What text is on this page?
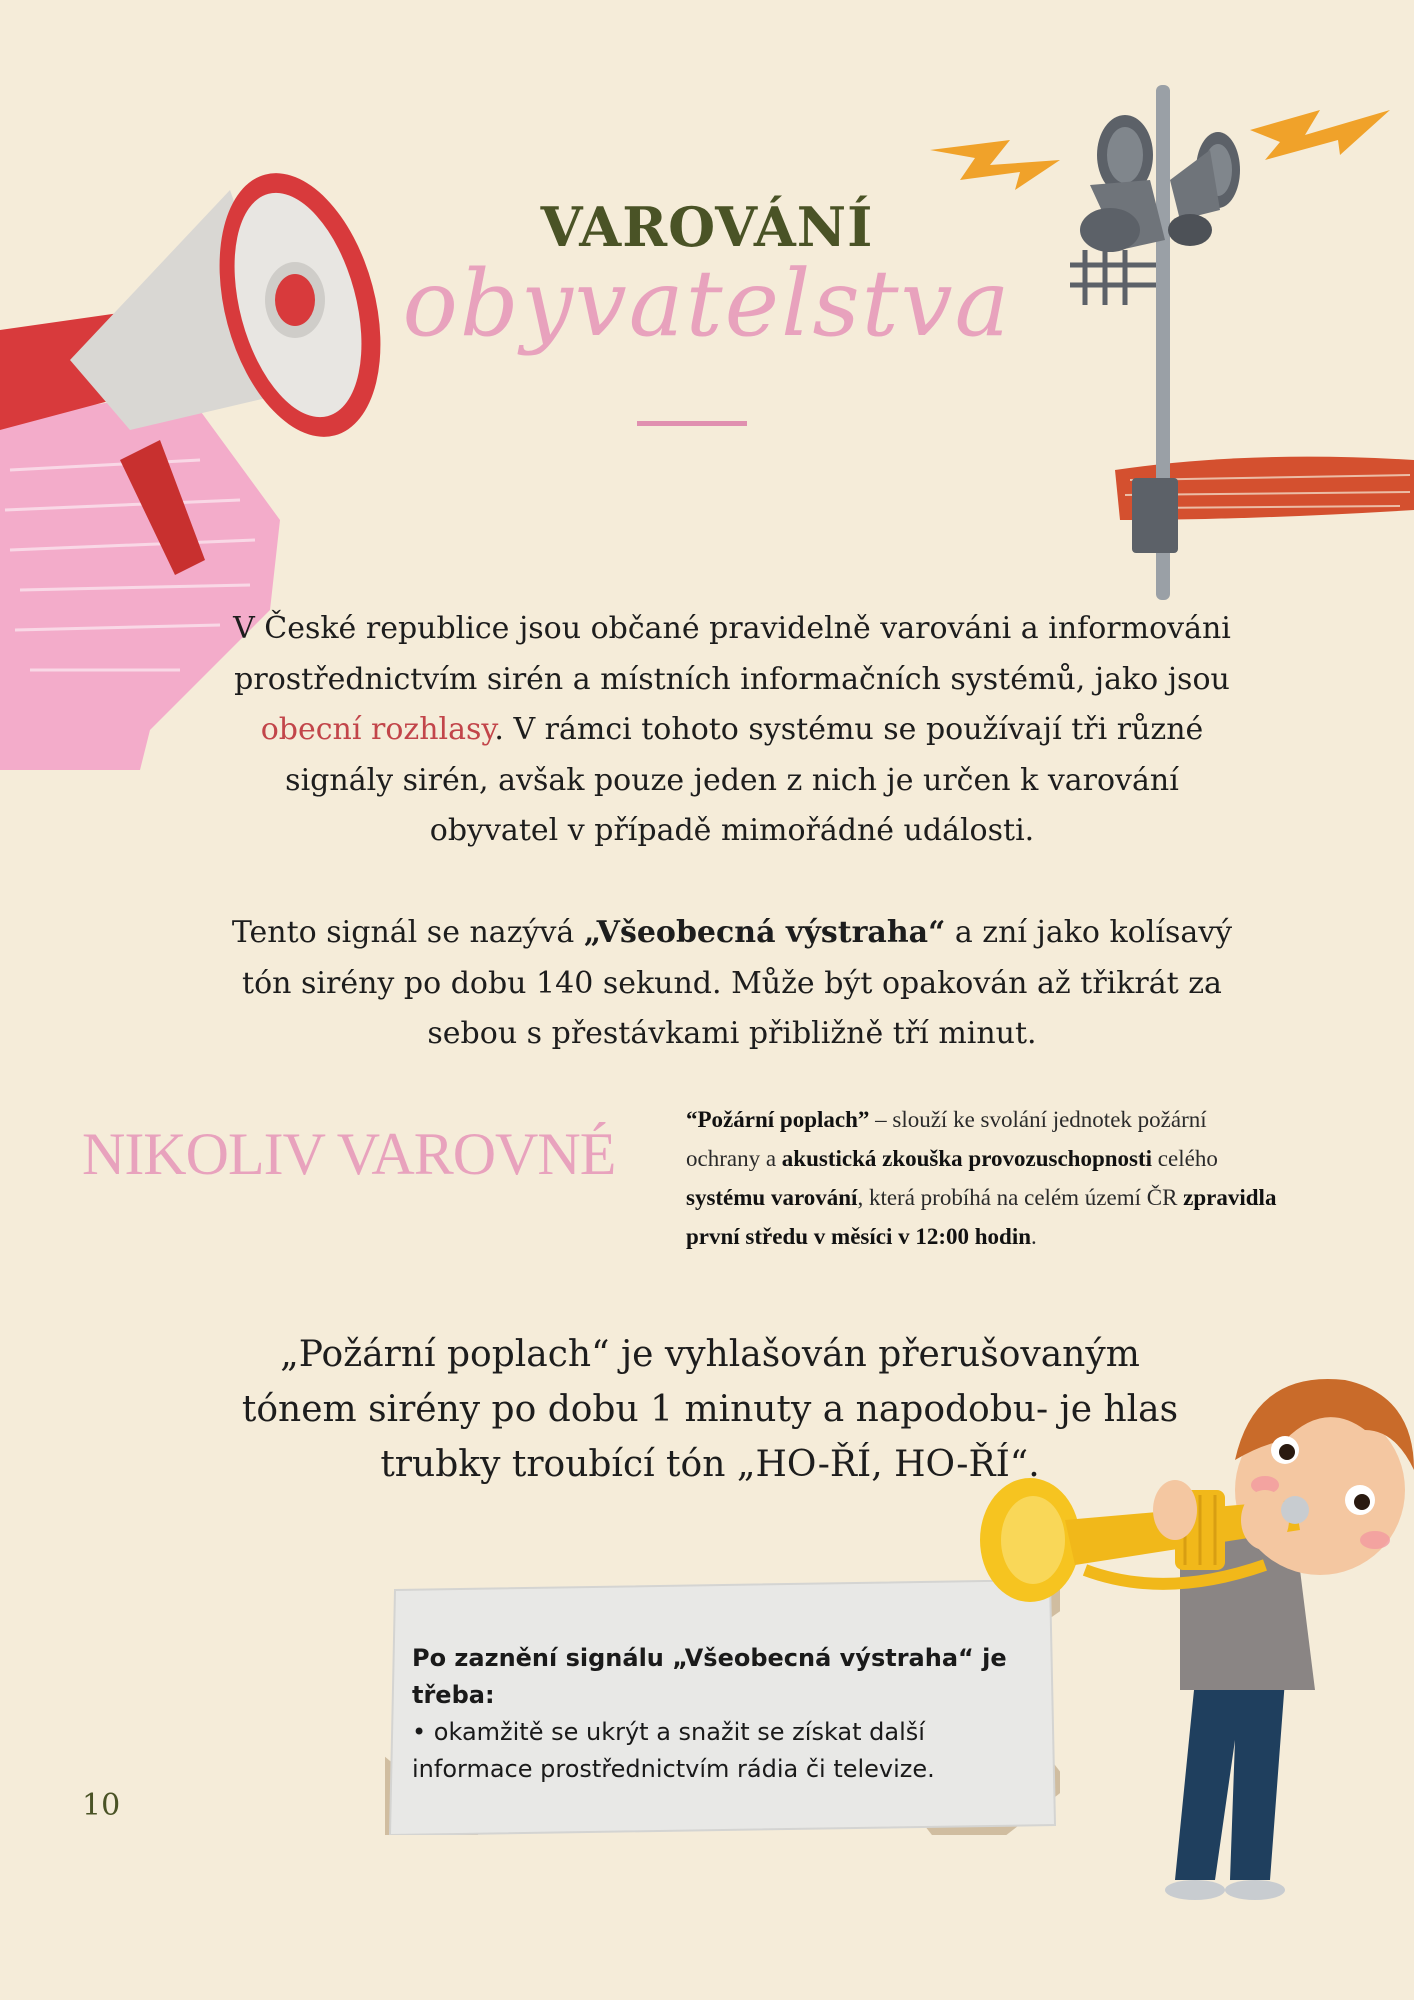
VAROVÁNÍ
obyvatelstva
V České republice jsou občané pravidelně varováni a informováni prostřednictvím sirén a místních informačních systémů, jako jsou obecní rozhlasy. V rámci tohoto systému se používají tři různé signály sirén, avšak pouze jeden z nich je určen k varování obyvatel v případě mimořádné události.
Tento signál se nazývá „Všeobecná výstraha“ a zní jako kolísavý tón sirény po dobu 140 sekund. Může být opakován až třikrát za sebou s přestávkami přibližně tří minut.
NIKOLIV VAROVNÉ
“Požární poplach” – slouží ke svolání jednotek požární ochrany a akustická zkouška provozuschopnosti celého systému varování, která probíhá na celém území ČR zpravidla první středu v měsíci v 12:00 hodin.
„Požární poplach“ je vyhlašován přerušovaným tónem sirény po dobu 1 minuty a napodobu- je hlas trubky troubící tón „HO-ŘÍ, HO-ŘÍ“.
Po zaznění signálu „Všeobecná výstraha“ je třeba:
• okamžitě se ukrýt a snažit se získat další informace prostřednictvím rádia či televize.
10
